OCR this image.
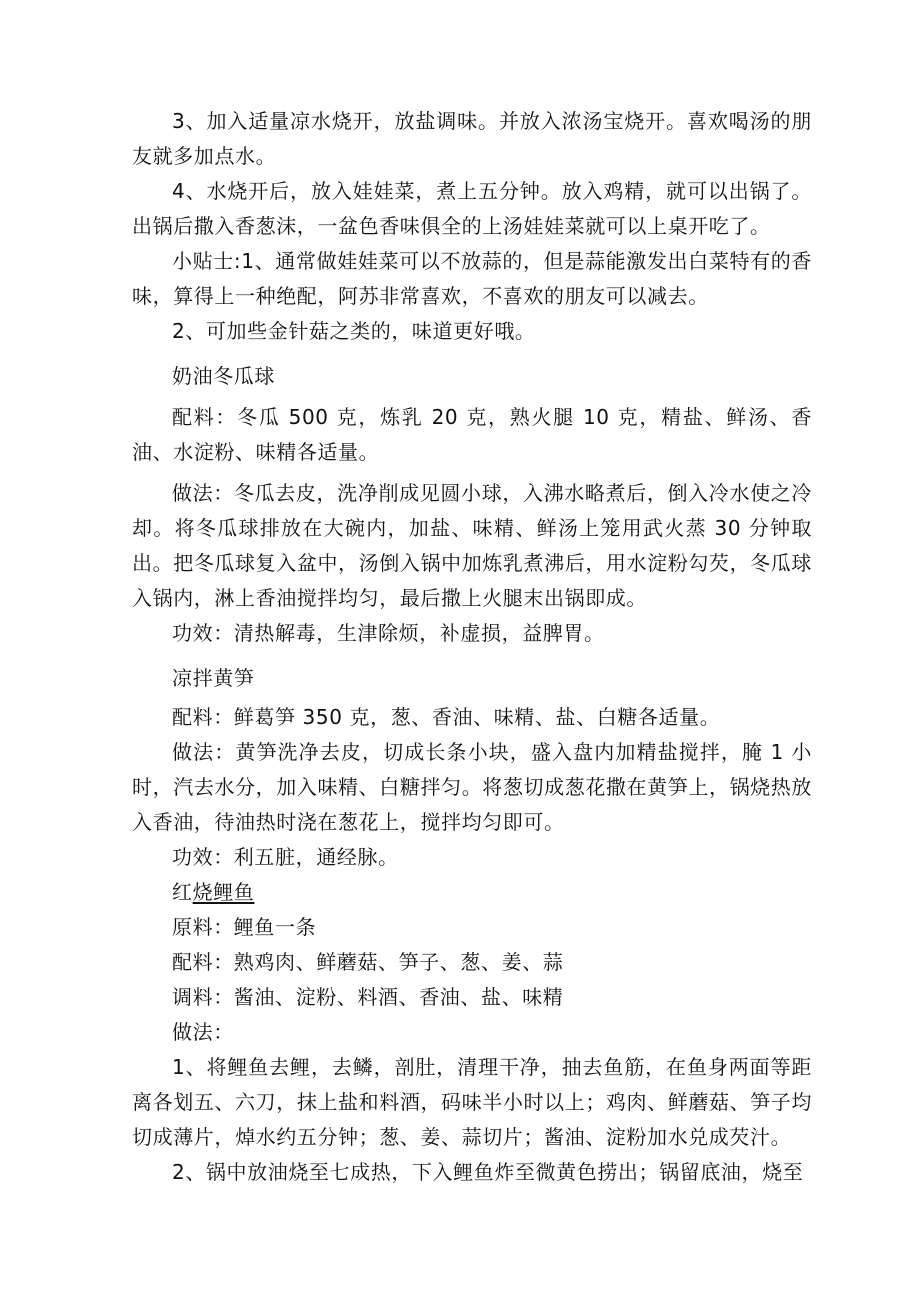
3、加入适量凉水烧开，放盐调味。并放入浓汤宝烧开。喜欢喝汤的朋友就多加点水。

4、水烧开后，放入娃娃菜，煮上五分钟。放入鸡精，就可以出锅了。出锅后撒入香葱沫，一盆色香味俱全的上汤娃娃菜就可以上桌开吃了。

小贴士:1、通常做娃娃菜可以不放蒜的，但是蒜能激发出白菜特有的香味，算得上一种绝配，阿苏非常喜欢，不喜欢的朋友可以减去。

2、可加些金针菇之类的，味道更好哦。

奶油冬瓜球

配料：冬瓜 500 克，炼乳 20 克，熟火腿 10 克，精盐、鲜汤、香油、水淀粉、味精各适量。

做法：冬瓜去皮，洗净削成见圆小球，入沸水略煮后，倒入冷水使之冷却。将冬瓜球排放在大碗内，加盐、味精、鲜汤上笼用武火蒸 30 分钟取出。把冬瓜球复入盆中，汤倒入锅中加炼乳煮沸后，用水淀粉勾芡，冬瓜球入锅内，淋上香油搅拌均匀，最后撒上火腿末出锅即成。

功效：清热解毒，生津除烦，补虚损，益脾胃。

凉拌黄笋

配料：鲜葛笋 350 克，葱、香油、味精、盐、白糖各适量。

做法：黄笋洗净去皮，切成长条小块，盛入盘内加精盐搅拌，腌 1 小时，汽去水分，加入味精、白糖拌匀。将葱切成葱花撒在黄笋上，锅烧热放入香油，待油热时浇在葱花上，搅拌均匀即可。

功效：利五脏，通经脉。

红烧鲤鱼

原料：鲤鱼一条

配料：熟鸡肉、鲜蘑菇、笋子、葱、姜、蒜

调料：酱油、淀粉、料酒、香油、盐、味精

做法：

1、将鲤鱼去鲤，去鳞，剖肚，清理干净，抽去鱼筋，在鱼身两面等距离各划五、六刀，抹上盐和料酒，码味半小时以上；鸡肉、鲜蘑菇、笋子均切成薄片，焯水约五分钟；葱、姜、蒜切片；酱油、淀粉加水兑成芡汁。

2、锅中放油烧至七成热，下入鲤鱼炸至微黄色捞出；锅留底油，烧至
